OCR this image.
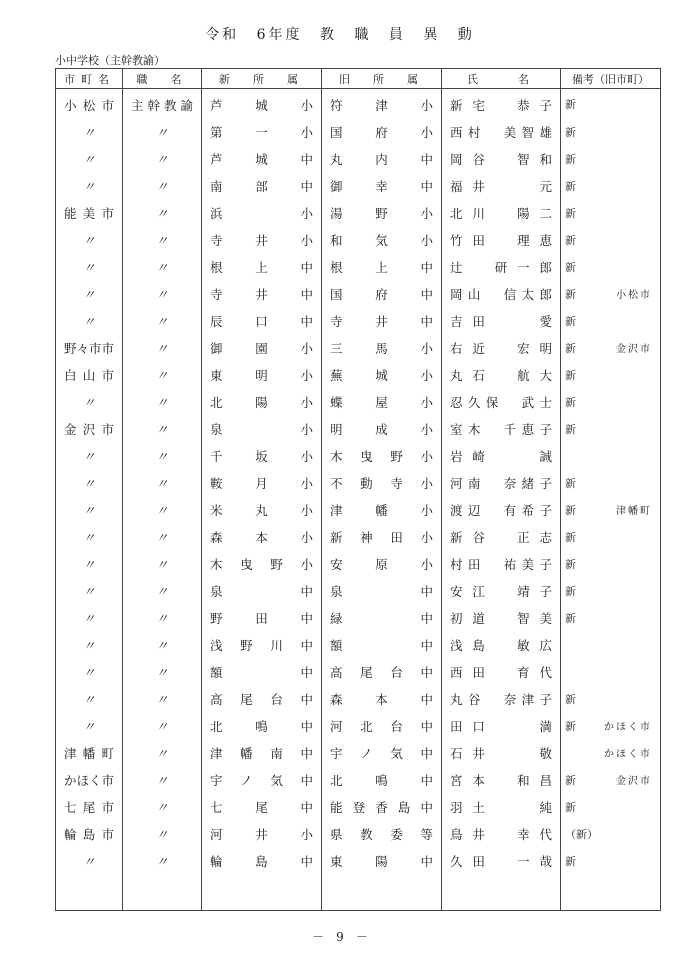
令和 6年度 教 職 員 異 動
小中学校（主幹教諭）
市町名	職　名	新　所　属	旧　所　属	氏　　名	備考（旧市町）
小松市	主幹教諭	芦城小	符津小	新宅　恭子	新

〃	〃	第一小	国府小	西村　美智雄	新

〃	〃	芦城中	丸内中	岡谷　智和	新

〃	〃	南部中	御幸中	福井　　元	新

能美市	〃	浜　小	湯野小	北川　陽二	新

〃	〃	寺井小	和気小	竹田　理恵	新

〃	〃	根上中	根上中	辻　研一郎	新

〃	〃	寺井中	国府中	岡山　信太郎	新 小松市

〃	〃	辰口中	寺井中	吉田　　愛	新

野々市市	〃	御園小	三馬小	右近　宏明	新 金沢市

白山市	〃	東明小	蕪城小	丸石　航大	新

〃	〃	北陽小	蝶屋小	忍久保　武士	新

金沢市	〃	泉　小	明成小	室木　千恵子	新

〃	〃	千坂小	木曳野小	岩崎　　誠	

〃	〃	鞍月小	不動寺小	河南　奈緒子	新

〃	〃	米丸小	津幡小	渡辺　有希子	新 津幡町

〃	〃	森本小	新神田小	新谷　正志	新

〃	〃	木曳野小	安原小	村田　祐美子	新

〃	〃	泉　中	泉　中	安江　靖子	新

〃	〃	野田中	緑　中	初道　智美	新

〃	〃	浅野川中	額　中	浅島　敏広	

〃	〃	額　中	高尾台中	西田　育代	

〃	〃	高尾台中	森本中	丸谷　奈津子	新

〃	〃	北鳴中	河北台中	田口　　満	新 かほく市

津幡町	〃	津幡南中	宇ノ気中	石井　　敬	かほく市

かほく市	〃	宇ノ気中	北鳴中	宮本　和昌	新 金沢市

七尾市	〃	七尾中	能登香島中	羽土　　純	新

輪島市	〃	河井小	県教委等	鳥井　幸代	（新）

〃	〃	輪島中	東陽中	久田　一哉	新

－　9　－
